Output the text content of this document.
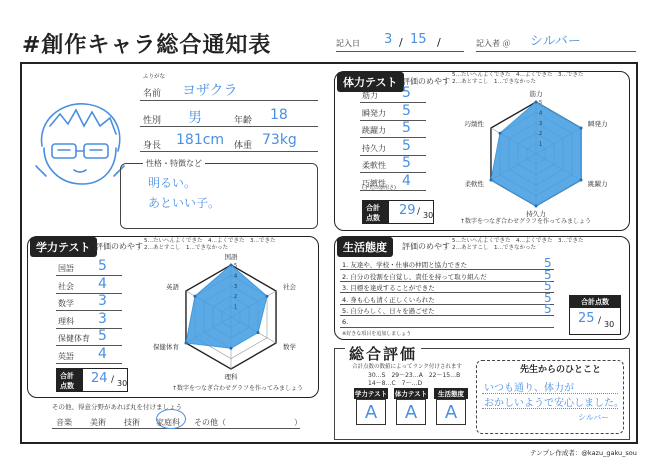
#創作キャラ総合通知表	記入日 3 / 15 /	記入者 ＠ シルバー
ふりがな
名前 ヨザクラ
性別 男	年齢 18
身長 181cm 体重 73kg
性格・特徴など
明るい。
あといい子。
体力テスト 評価のめやす
5…たいへんよくできた　4…よくできた　3…できた
2…あとすこし　1…できなかった
(手先の器用さ)
合計点数	29 / 30
1
2
3
4
5
筋力
瞬発力
跳躍力
持久力
柔軟性
巧緻性
↑数字をつなぎ合わせグラフを作ってみましょう
学力テスト 評価のめやす
5…たいへんよくできた　4…よくできた　3…できた
2…あとすこし　1…できなかった
合計点数	24 / 30
1
2
3
4
5
国語
社会
数学
理科
保健体育
英語
↑数字をつなぎ合わせグラフを作ってみましょう
その他、得意分野があれば丸を付けましょう
）
生活態度	評価のめやす
5…たいへんよくできた　4…よくできた　3…できた
2…あとすこし　1…できなかった
※好きな項目を追加しましょう
合計点数
25 / 30
総合評価
合計点数の数値によってランク付けされます
30…S　29〜23…A　22〜15…B
14〜8…C　7〜…D
先生からのひとこと
いつも通り、体力が
おかしいようで安心しました。
シルバー
テンプレ作成者：@kazu_gaku_sou
筋力 5
瞬発力 5
跳躍力 5
持久力 5
柔軟性 5
巧緻性 4
国語 5
社会 4
数学 3
理科 3
保健体育 5
英語 4
1. 友達や、学校・仕事の仲間と協力できた	5
2. 自分の役割を自覚し、責任を持って取り組んだ	5
3. 目標を達成することができた	5
4. 身も心も清く正しくいられた	5
5. 自分らしく、日々を過ごせた	5
6.
音楽 美術 技術 家庭科 その他（
学力テスト
A
体力テスト
A
生活態度
A
